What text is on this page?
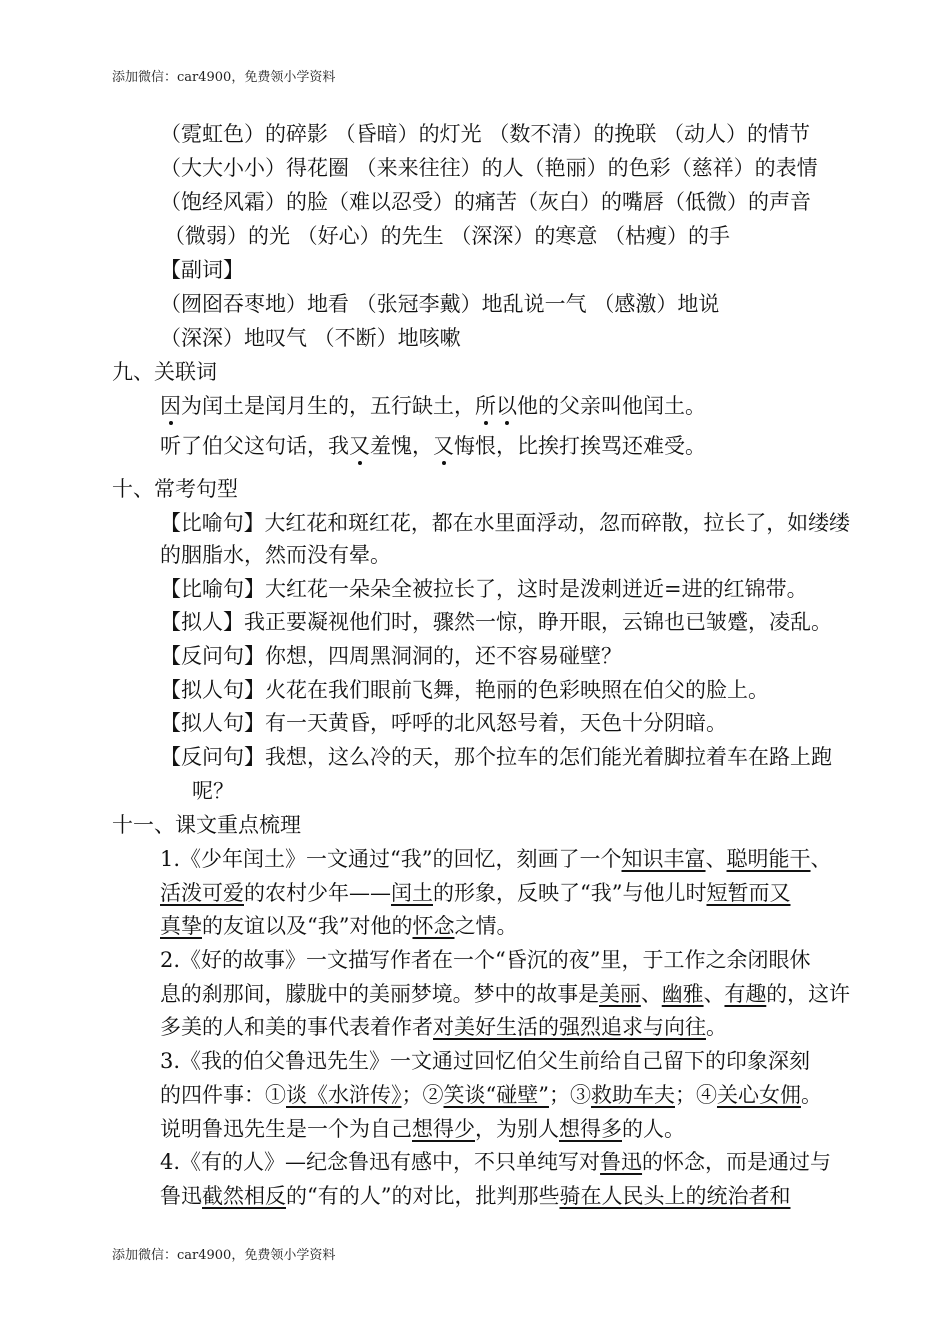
添加微信：car4900，免费领小学资料
（霓虹色）的碎影 （昏暗）的灯光 （数不清）的挽联 （动人）的情节
（大大小小）得花圈 （来来往往）的人（艳丽）的色彩（慈祥）的表情
（饱经风霜）的脸（难以忍受）的痛苦（灰白）的嘴唇（低微）的声音
（微弱）的光 （好心）的先生 （深深）的寒意 （枯瘦）的手
【副词】
（囫囵吞枣地）地看 （张冠李戴）地乱说一气 （感激）地说
（深深）地叹气 （不断）地咳嗽
九、关联词
因为闰土是闰月生的，五行缺土，所以他的父亲叫他闰土。
听了伯父这句话，我又羞愧，又悔恨，比挨打挨骂还难受。
十、常考句型
【比喻句】大红花和斑红花，都在水里面浮动，忽而碎散，拉长了，如缕缕
的胭脂水，然而没有晕。
【比喻句】大红花一朵朵全被拉长了，这时是泼刺迸近=进的红锦带。
【拟人】我正要凝视他们时，骤然一惊，睁开眼，云锦也已皱蹙，凌乱。
【反问句】你想，四周黑洞洞的，还不容易碰壁？
【拟人句】火花在我们眼前飞舞，艳丽的色彩映照在伯父的脸上。
【拟人句】有一天黄昏，呼呼的北风怒号着，天色十分阴暗。
【反问句】我想，这么冷的天，那个拉车的怎们能光着脚拉着车在路上跑
呢？
十一、课文重点梳理
1.《少年闰土》一文通过“我”的回忆，刻画了一个知识丰富、聪明能干、
活泼可爱的农村少年——闰土的形象，反映了“我”与他儿时短暂而又
真挚的友谊以及“我”对他的怀念之情。
2.《好的故事》一文描写作者在一个“昏沉的夜”里，于工作之余闭眼休
息的刹那间，朦胧中的美丽梦境。梦中的故事是美丽、幽雅、有趣的，这许
多美的人和美的事代表着作者对美好生活的强烈追求与向往。
3.《我的伯父鲁迅先生》一文通过回忆伯父生前给自己留下的印象深刻
的四件事：①谈《水浒传》；②笑谈“碰壁”；③救助车夫；④关心女佣。
说明鲁迅先生是一个为自己想得少，为别人想得多的人。
4.《有的人》—纪念鲁迅有感中，不只单纯写对鲁迅的怀念，而是通过与
鲁迅截然相反的“有的人”的对比，批判那些骑在人民头上的统治者和
添加微信：car4900，免费领小学资料
